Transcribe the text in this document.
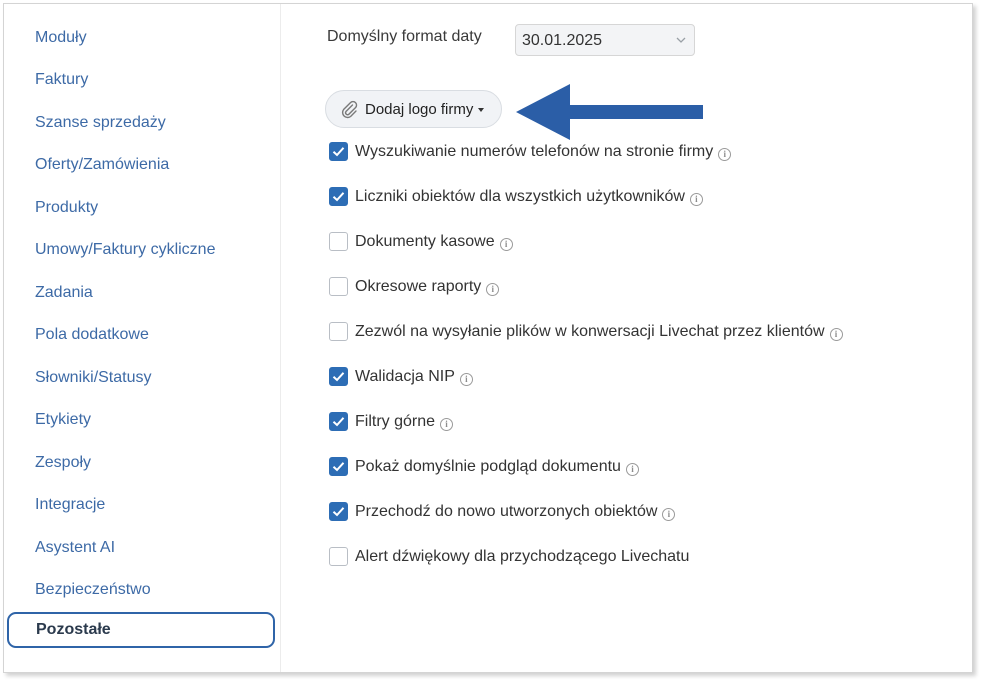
Moduły
Faktury
Szanse sprzedaży
Oferty/Zamówienia
Produkty
Umowy/Faktury cykliczne
Zadania
Pola dodatkowe
Słowniki/Statusy
Etykiety
Zespoły
Integracje
Asystent AI
Bezpieczeństwo
Pozostałe
Domyślny format daty	30.01.2025
Dodaj logo firmy
Wyszukiwanie numerów telefonów na stronie firmy i
Liczniki obiektów dla wszystkich użytkowników i
Dokumenty kasowe i
Okresowe raporty i
Zezwól na wysyłanie plików w konwersacji Livechat przez klientów i
Walidacja NIP i
Filtry górne i
Pokaż domyślnie podgląd dokumentu i
Przechodź do nowo utworzonych obiektów i
Alert dźwiękowy dla przychodzącego Livechatu
